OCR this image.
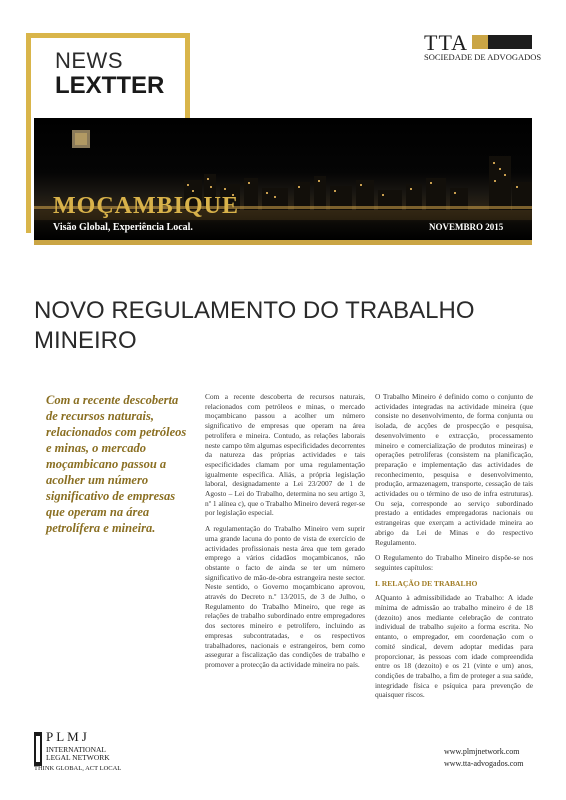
NEWS
LEXTTER
TTA
SOCIEDADE DE ADVOGADOS
MOÇAMBIQUE
Visão Global, Experiência Local.	NOVEMBRO 2015
NOVO REGULAMENTO DO TRABALHO MINEIRO
Com a recente descoberta de recursos naturais, relacionados com petróleos e minas, o mercado moçambicano passou a acolher um número significativo de empresas que operam na área petrolífera e mineira.

Com a recente descoberta de recursos naturais, relacionados com petróleos e minas, o mercado moçambicano passou a acolher um número significativo de empresas que operam na área petrolífera e mineira. Contudo, as relações laborais neste campo têm algumas especificidades decorrentes da natureza das próprias actividades e tais especificidades clamam por uma regulamentação igualmente específica. Aliás, a própria legislação laboral, designadamente a Lei 23/2007 de 1 de Agosto – Lei do Trabalho, determina no seu artigo 3, nº 1 alínea c), que o Trabalho Mineiro deverá reger-se por legislação especial.

A regulamentação do Trabalho Mineiro vem suprir uma grande lacuna do ponto de vista de exercício de actividades profissionais nesta área que tem gerado emprego a vários cidadãos moçambicanos, não obstante o facto de ainda se ter um número significativo de mão-de-obra estrangeira neste sector. Neste sentido, o Governo moçambicano aprovou, através do Decreto n.º 13/2015, de 3 de Julho, o Regulamento do Trabalho Mineiro, que rege as relações de trabalho subordinado entre empregadores dos sectores mineiro e petrolífero, incluindo as empresas subcontratadas, e os respectivos trabalhadores, nacionais e estrangeiros, bem como assegurar a fiscalização das condições de trabalho e promover a protecção da actividade mineira no país.

O Trabalho Mineiro é definido como o conjunto de actividades integradas na actividade mineira (que consiste no desenvolvimento, de forma conjunta ou isolada, de acções de prospecção e pesquisa, desenvolvimento e extracção, processamento mineiro e comercialização de produtos mineiras) e operações petrolíferas (consistem na planificação, preparação e implementação das actividades de reconhecimento, pesquisa e desenvolvimento, produção, armazenagem, transporte, cessação de tais actividades ou o término de uso de infra estruturas). Ou seja, corresponde ao serviço subordinado prestado a entidades empregadoras nacionais ou estrangeiras que exerçam a actividade mineira ao abrigo da Lei de Minas e do respectivo Regulamento.

O Regulamento do Trabalho Mineiro dispõe-se nos seguintes capítulos:

I. RELAÇÃO DE TRABALHO

AQuanto à admissibilidade ao Trabalho: A idade mínima de admissão ao trabalho mineiro é de 18 (dezoito) anos mediante celebração de contrato individual de trabalho sujeito a forma escrita. No entanto, o empregador, em coordenação com o comité sindical, devem adoptar medidas para proporcionar, às pessoas com idade compreendida entre os 18 (dezoito) e os 21 (vinte e um) anos, condições de trabalho, a fim de proteger a sua saúde, integridade física e psíquica para prevenção de quaisquer riscos.

PLMJ
INTERNATIONAL
LEGAL NETWORK
THINK GLOBAL, ACT LOCAL
www.plmjnetwork.com
www.tta-advogados.com
